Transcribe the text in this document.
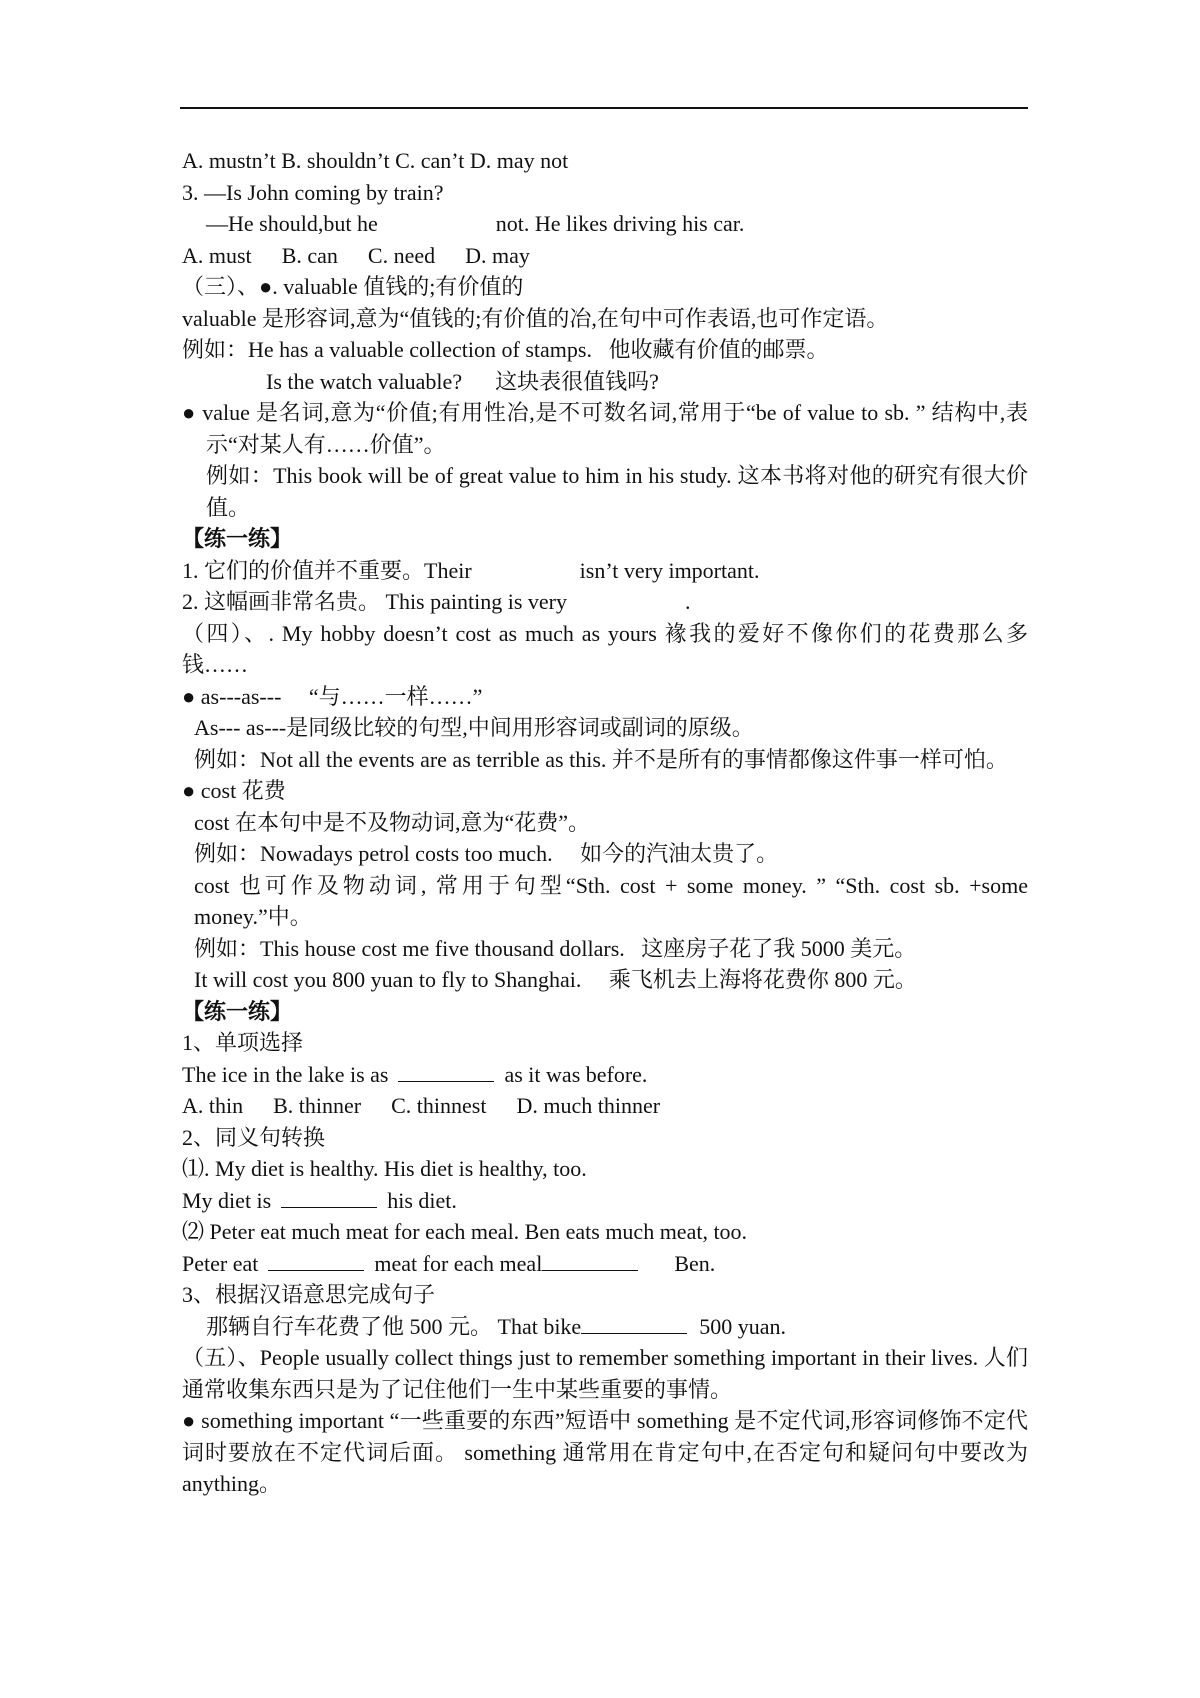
A. mustn’t B. shouldn’t C. can’t D. may not
3. —Is John coming by train?
—He should,but he	not. He likes driving his car.
A. must B. can C. need D. may
（三）、●. valuable 值钱的;有价值的
valuable 是形容词,意为“值钱的;有价值的冶,在句中可作表语,也可作定语。
例如：He has a valuable collection of stamps.   他收藏有价值的邮票。
Is the watch valuable?      这块表很值钱吗?
● value 是名词,意为“价值;有用性冶,是不可数名词,常用于“be of value to sb. ” 结构中,表示“对某人有……价值”。
例如：This book will be of great value to him in his study. 这本书将对他的研究有很大价值。
【练一练】
1. 它们的价值并不重要。Their	isn’t very important.
2. 这幅画非常名贵。 This painting is very	.
（四）、. My hobby doesn’t cost as much as yours 褖我的爱好不像你们的花费那么多钱……
● as---as---     “与……一样……”
As--- as---是同级比较的句型,中间用形容词或副词的原级。
例如：Not all the events are as terrible as this. 并不是所有的事情都像这件事一样可怕。
● cost 花费
cost 在本句中是不及物动词,意为“花费”。
例如：Nowadays petrol costs too much.     如今的汽油太贵了。
cost 也可作及物动词, 常用于句型“Sth. cost + some money. ” “Sth. cost sb. +some money.”中。
例如：This house cost me five thousand dollars.   这座房子花了我 5000 美元。
It will cost you 800 yuan to fly to Shanghai.     乘飞机去上海将花费你 800 元。
【练一练】
1、单项选择
The ice in the lake is as	as it was before.
A. thin B. thinner C. thinnest D. much thinner
2、同义句转换
⑴. My diet is healthy. His diet is healthy, too.
My diet is	his diet.
⑵ Peter eat much meat for each meal. Ben eats much meat, too.
Peter eat	meat for each meal	Ben.
3、根据汉语意思完成句子
那辆自行车花费了他 500 元。 That bike	500 yuan.
（五）、People usually collect things just to remember something important in their lives. 人们通常收集东西只是为了记住他们一生中某些重要的事情。
● something important “一些重要的东西”短语中 something 是不定代词,形容词修饰不定代词时要放在不定代词后面。 something 通常用在肯定句中,在否定句和疑问句中要改为 anything。
